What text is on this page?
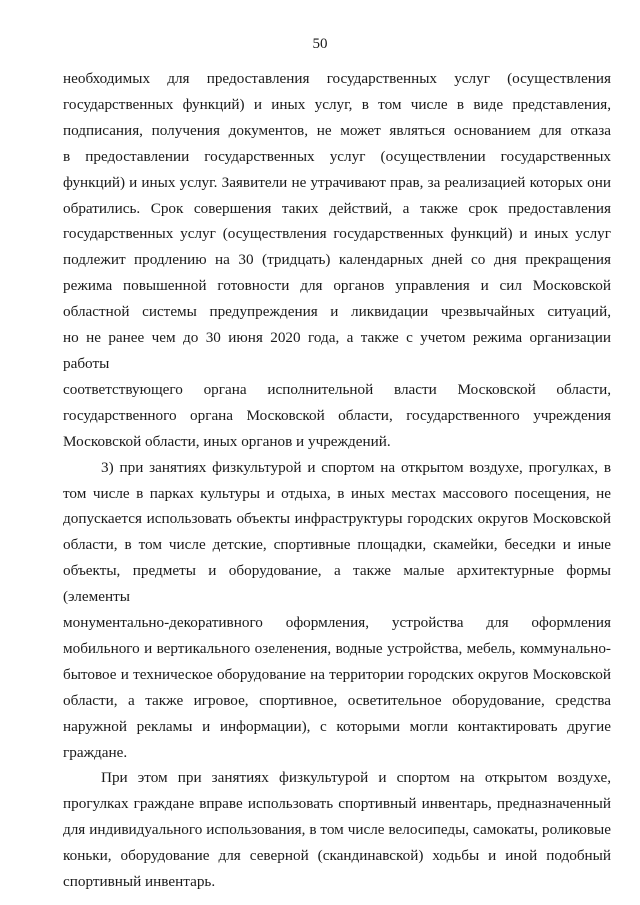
50

необходимых для предоставления государственных услуг (осуществления
государственных функций) и иных услуг, в том числе в виде представления,
подписания, получения документов, не может являться основанием для отказа
в предоставлении государственных услуг (осуществлении государственных
функций) и иных услуг. Заявители не утрачивают прав, за реализацией которых они
обратились. Срок совершения таких действий, а также срок предоставления
государственных услуг (осуществления государственных функций) и иных услуг
подлежит продлению на 30 (тридцать) календарных дней со дня прекращения
режима повышенной готовности для органов управления и сил Московской
областной системы предупреждения и ликвидации чрезвычайных ситуаций,
но не ранее чем до 30 июня 2020 года, а также с учетом режима организации работы
соответствующего органа исполнительной власти Московской области,
государственного органа Московской области, государственного учреждения
Московской области, иных органов и учреждений.

3) при занятиях физкультурой и спортом на открытом воздухе, прогулках, в
том числе в парках культуры и отдыха, в иных местах массового посещения, не
допускается использовать объекты инфраструктуры городских округов Московской
области, в том числе детские, спортивные площадки, скамейки, беседки и иные
объекты, предметы и оборудование, а также малые архитектурные формы (элементы
монументально-декоративного оформления, устройства для оформления
мобильного и вертикального озеленения, водные устройства, мебель, коммунально-
бытовое и техническое оборудование на территории городских округов Московской
области, а также игровое, спортивное, осветительное оборудование, средства
наружной рекламы и информации), с которыми могли контактировать другие
граждане.

При этом при занятиях физкультурой и спортом на открытом воздухе,
прогулках граждане вправе использовать спортивный инвентарь, предназначенный
для индивидуального использования, в том числе велосипеды, самокаты, роликовые
коньки, оборудование для северной (скандинавской) ходьбы и иной подобный
спортивный инвентарь.
